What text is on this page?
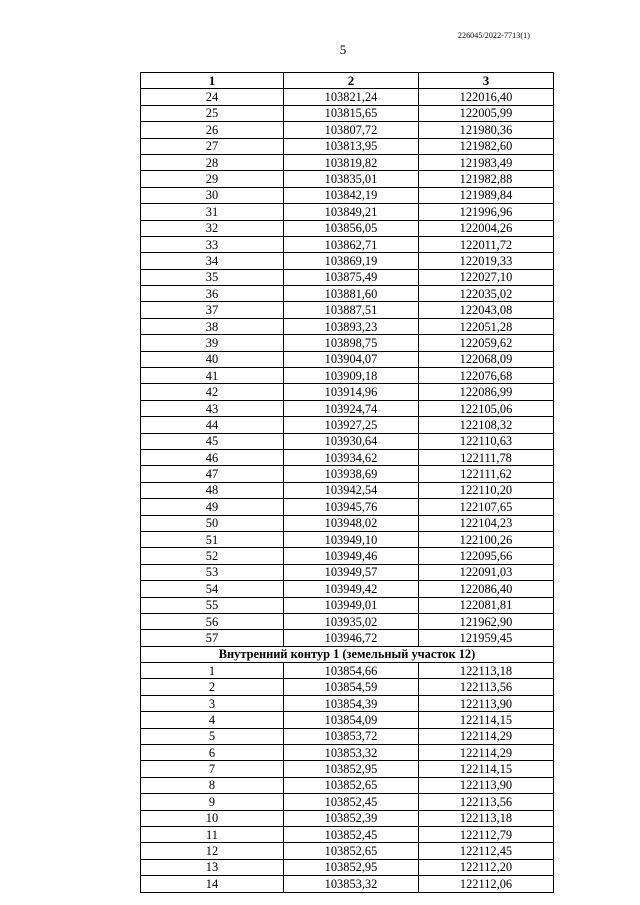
226045/2022-7713(1)
5
1	2	3
24	103821,24	122016,40
25	103815,65	122005,99
26	103807,72	121980,36
27	103813,95	121982,60
28	103819,82	121983,49
29	103835,01	121982,88
30	103842,19	121989,84
31	103849,21	121996,96
32	103856,05	122004,26
33	103862,71	122011,72
34	103869,19	122019,33
35	103875,49	122027,10
36	103881,60	122035,02
37	103887,51	122043,08
38	103893,23	122051,28
39	103898,75	122059,62
40	103904,07	122068,09
41	103909,18	122076,68
42	103914,96	122086,99
43	103924,74	122105,06
44	103927,25	122108,32
45	103930,64	122110,63
46	103934,62	122111,78
47	103938,69	122111,62
48	103942,54	122110,20
49	103945,76	122107,65
50	103948,02	122104,23
51	103949,10	122100,26
52	103949,46	122095,66
53	103949,57	122091,03
54	103949,42	122086,40
55	103949,01	122081,81
56	103935,02	121962,90
57	103946,72	121959,45
Внутренний контур 1 (земельный участок 12)		
1	103854,66	122113,18
2	103854,59	122113,56
3	103854,39	122113,90
4	103854,09	122114,15
5	103853,72	122114,29
6	103853,32	122114,29
7	103852,95	122114,15
8	103852,65	122113,90
9	103852,45	122113,56
10	103852,39	122113,18
11	103852,45	122112,79
12	103852,65	122112,45
13	103852,95	122112,20
14	103853,32	122112,06
